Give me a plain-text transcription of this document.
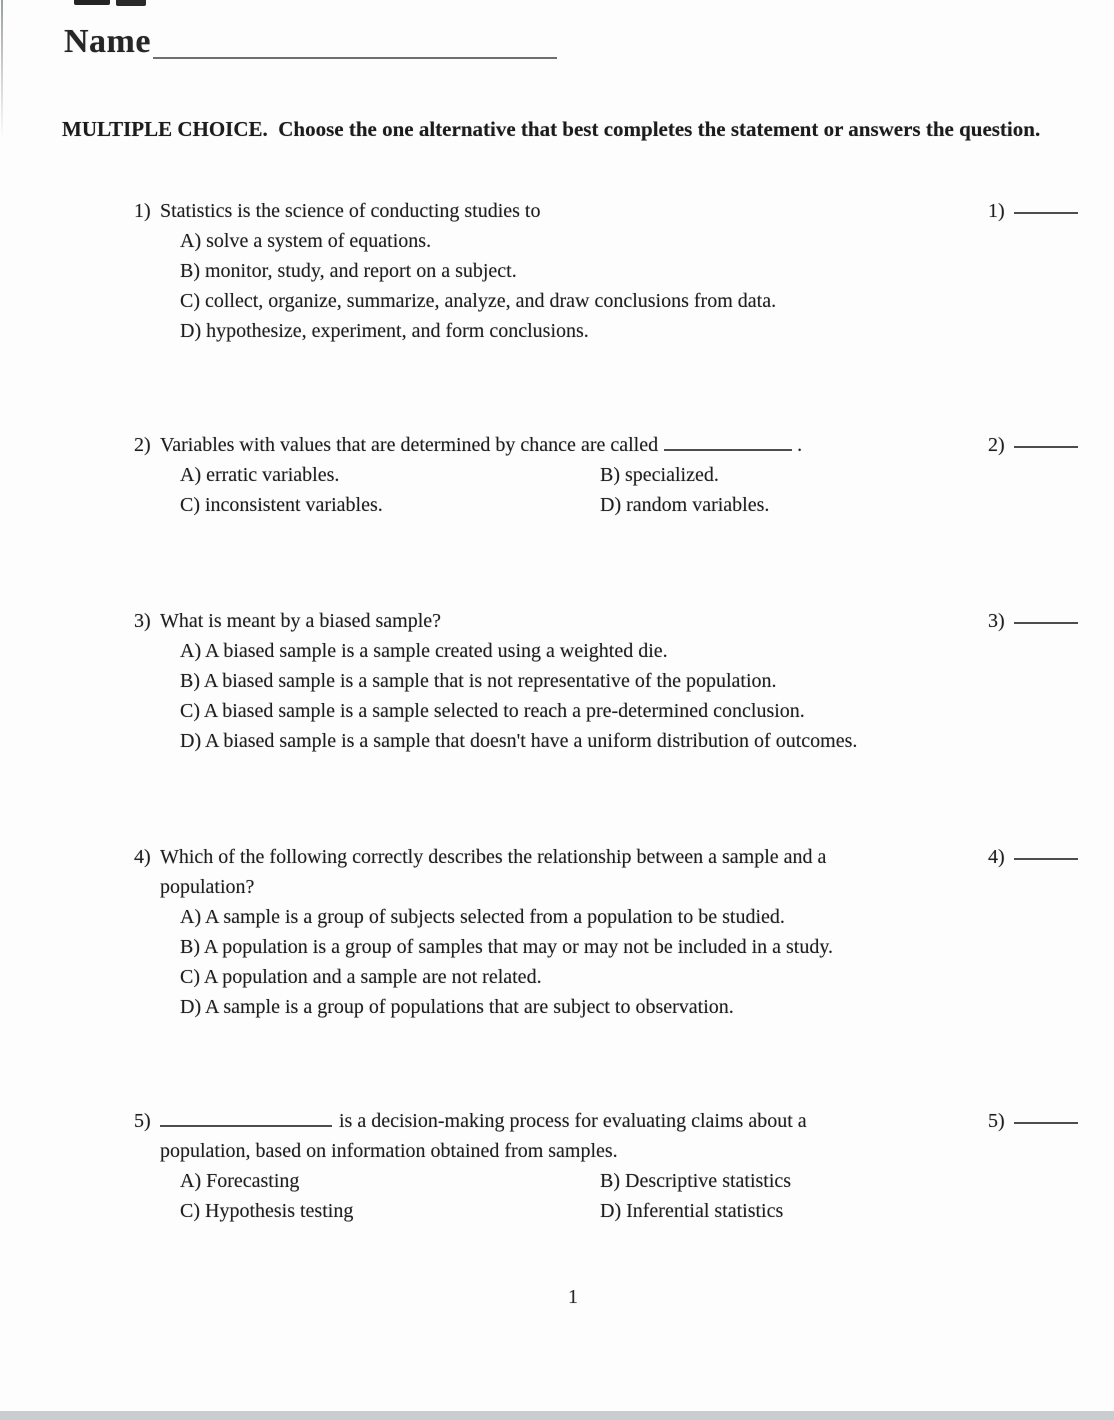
Name
MULTIPLE CHOICE.  Choose the one alternative that best completes the statement or answers the question.
1) Statistics is the science of conducting studies to
A) solve a system of equations.
B) monitor, study, and report on a subject.
C) collect, organize, summarize, analyze, and draw conclusions from data.
D) hypothesize, experiment, and form conclusions.
1)
2) Variables with values that are determined by chance are called	.
A) erratic variables.	B) specialized.
C) inconsistent variables.	D) random variables.
2)
3) What is meant by a biased sample?
A) A biased sample is a sample created using a weighted die.
B) A biased sample is a sample that is not representative of the population.
C) A biased sample is a sample selected to reach a pre-determined conclusion.
D) A biased sample is a sample that doesn't have a uniform distribution of outcomes.
3)
4) Which of the following correctly describes the relationship between a sample and a population?
A) A sample is a group of subjects selected from a population to be studied.
B) A population is a group of samples that may or may not be included in a study.
C) A population and a sample are not related.
D) A sample is a group of populations that are subject to observation.
4)
5)	is a decision-making process for evaluating claims about a population, based on information obtained from samples.
A) Forecasting	B) Descriptive statistics
C) Hypothesis testing	D) Inferential statistics
5)
1
